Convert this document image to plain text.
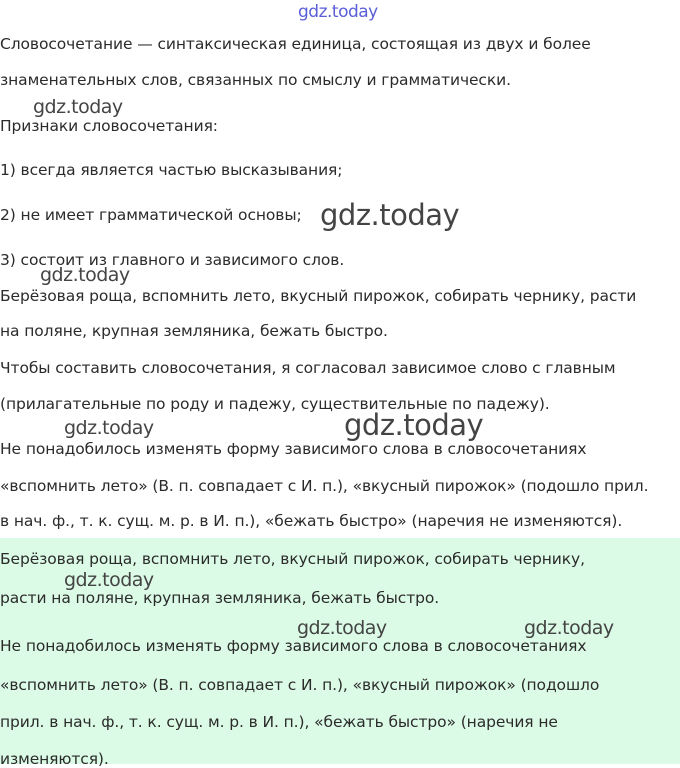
Словосочетание — синтаксическая единица, состоящая из двух и более

знаменательных слов, связанных по смыслу и грамматически.

Признаки словосочетания:

1) всегда является частью высказывания;

2) не имеет грамматической основы;

3) состоит из главного и зависимого слов.

Берёзовая роща, вспомнить лето, вкусный пирожок, собирать чернику, расти

на поляне, крупная земляника, бежать быстро.

Чтобы составить словосочетания, я согласовал зависимое слово с главным

(прилагательные по роду и падежу, существительные по падежу).

Не понадобилось изменять форму зависимого слова в словосочетаниях

«вспомнить лето» (В. п. совпадает с И. п.), «вкусный пирожок» (подошло прил.

в нач. ф., т. к. сущ. м. р. в И. п.), «бежать быстро» (наречия не изменяются).

Берёзовая роща, вспомнить лето, вкусный пирожок, собирать чернику,

расти на поляне, крупная земляника, бежать быстро.

Не понадобилось изменять форму зависимого слова в словосочетаниях

«вспомнить лето» (В. п. совпадает с И. п.), «вкусный пирожок» (подошло

прил. в нач. ф., т. к. сущ. м. р. в И. п.), «бежать быстро» (наречия не

изменяются).

gdz.today
gdz.today
gdz.today
gdz.today
gdz.today	gdz.today
gdz.today
gdz.today	gdz.today
